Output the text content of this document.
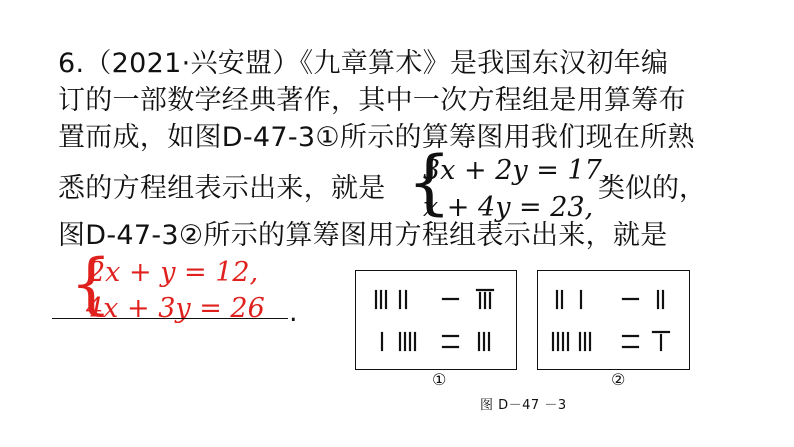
6.（2021·兴安盟）《九章算术》是我国东汉初年编
订的一部数学经典著作，其中一次方程组是用算筹布
置而成，如图D-47-3①所示的算筹图用我们现在所熟
悉的方程组表示出来，就是 {
3x + 2y = 17,
x + 4y = 23,
类似的，
图D-47-3②所示的算筹图用方程组表示出来，就是
{
2x + y = 12,
4x + 3y = 26 .
①	②
图 D－47 －3
